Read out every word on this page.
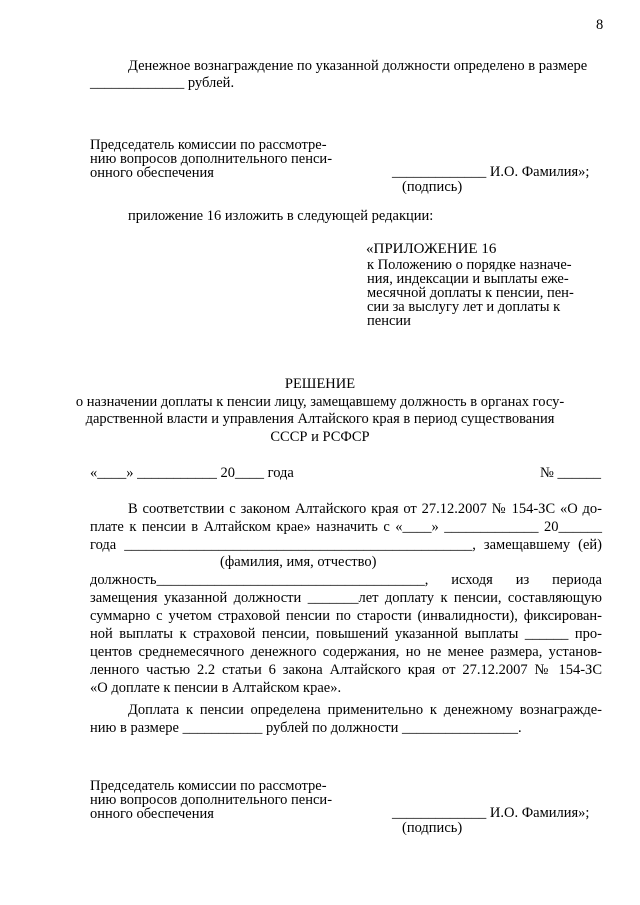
8
Денежное вознаграждение по указанной должности определено в размере
_____________ рублей.
Председатель комиссии по рассмотре-
нию вопросов дополнительного пенси-
онного обеспечения	_____________ И.О. Фамилия»;
(подпись)
приложение 16 изложить в следующей редакции:
«ПРИЛОЖЕНИЕ 16
к Положению о порядке назначе-
ния, индексации и выплаты еже-
месячной доплаты к пенсии, пен-
сии за выслугу лет и доплаты к
пенсии
РЕШЕНИЕ
о назначении доплаты к пенсии лицу, замещавшему должность в органах госу-
дарственной власти и управления Алтайского края в период существования
СССР и РСФСР
«____» ___________ 20____ года	№ ______
В соответствии с законом Алтайского края от 27.12.2007 № 154-ЗС «О до-
плате к пенсии в Алтайском крае» назначить с «____» _____________ 20______
года ________________________________________________, замещавшему (ей)
(фамилия, имя, отчество)
должность_____________________________________, исходя из периода
замещения указанной должности _______лет доплату к пенсии, составляющую
суммарно с учетом страховой пенсии по старости (инвалидности), фиксирован-
ной выплаты к страховой пенсии, повышений указанной выплаты ______ про-
центов среднемесячного денежного содержания, но не менее размера, установ-
ленного частью 2.2 статьи 6 закона Алтайского края от 27.12.2007 № 154-ЗС
«О доплате к пенсии в Алтайском крае».
Доплата к пенсии определена применительно к денежному вознагражде-
нию в размере ___________ рублей по должности ________________.
Председатель комиссии по рассмотре-
нию вопросов дополнительного пенси-
онного обеспечения	_____________ И.О. Фамилия»;
(подпись)
